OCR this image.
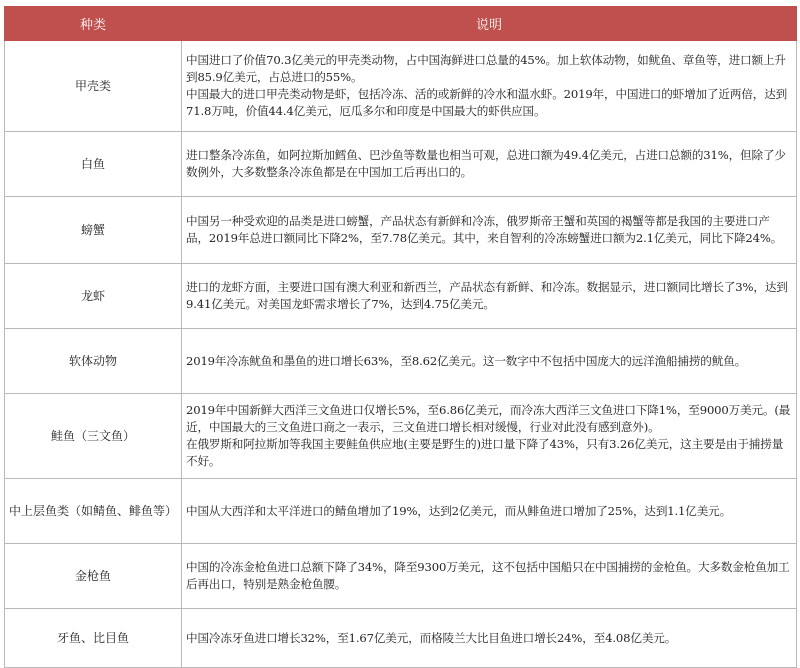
种类	说明
甲壳类	中国进口了价值70.3亿美元的甲壳类动物，占中国海鲜进口总量的45%。加上软体动物，如鱿鱼、章鱼等，进口额上升到85.9亿美元，占总进口的55%。
中国最大的进口甲壳类动物是虾，包括冷冻、活的或新鲜的冷水和温水虾。2019年，中国进口的虾增加了近两倍，达到71.8万吨，价值44.4亿美元，厄瓜多尔和印度是中国最大的虾供应国。

白鱼	进口整条冷冻鱼，如阿拉斯加鳕鱼、巴沙鱼等数量也相当可观，总进口额为49.4亿美元，占进口总额的31%，但除了少数例外，大多数整条冷冻鱼都是在中国加工后再出口的。

螃蟹	中国另一种受欢迎的品类是进口螃蟹，产品状态有新鲜和冷冻，俄罗斯帝王蟹和英国的褐蟹等都是我国的主要进口产品，2019年总进口额同比下降2%，至7.78亿美元。其中，来自智利的冷冻螃蟹进口额为2.1亿美元，同比下降24%。

龙虾	进口的龙虾方面，主要进口国有澳大利亚和新西兰，产品状态有新鲜、和冷冻。数据显示，进口额同比增长了3%，达到9.41亿美元。对美国龙虾需求增长了7%，达到4.75亿美元。

软体动物	2019年冷冻鱿鱼和墨鱼的进口增长63%，至8.62亿美元。这一数字中不包括中国庞大的远洋渔船捕捞的鱿鱼。

鲑鱼（三文鱼）	2019年中国新鲜大西洋三文鱼进口仅增长5%，至6.86亿美元，而冷冻大西洋三文鱼进口下降1%，至9000万美元。(最近，中国最大的三文鱼进口商之一表示，三文鱼进口增长相对缓慢，行业对此没有感到意外)。
在俄罗斯和阿拉斯加等我国主要鲑鱼供应地(主要是野生的)进口量下降了43%，只有3.26亿美元，这主要是由于捕捞量不好。

中上层鱼类（如鲭鱼、鲱鱼等）	中国从大西洋和太平洋进口的鲭鱼增加了19%，达到2亿美元，而从鲱鱼进口增加了25%，达到1.1亿美元。

金枪鱼	中国的冷冻金枪鱼进口总额下降了34%，降至9300万美元，这不包括中国船只在中国捕捞的金枪鱼。大多数金枪鱼加工后再出口，特别是熟金枪鱼腰。

牙鱼、比目鱼	中国冷冻牙鱼进口增长32%，至1.67亿美元，而格陵兰大比目鱼进口增长24%，至4.08亿美元。
